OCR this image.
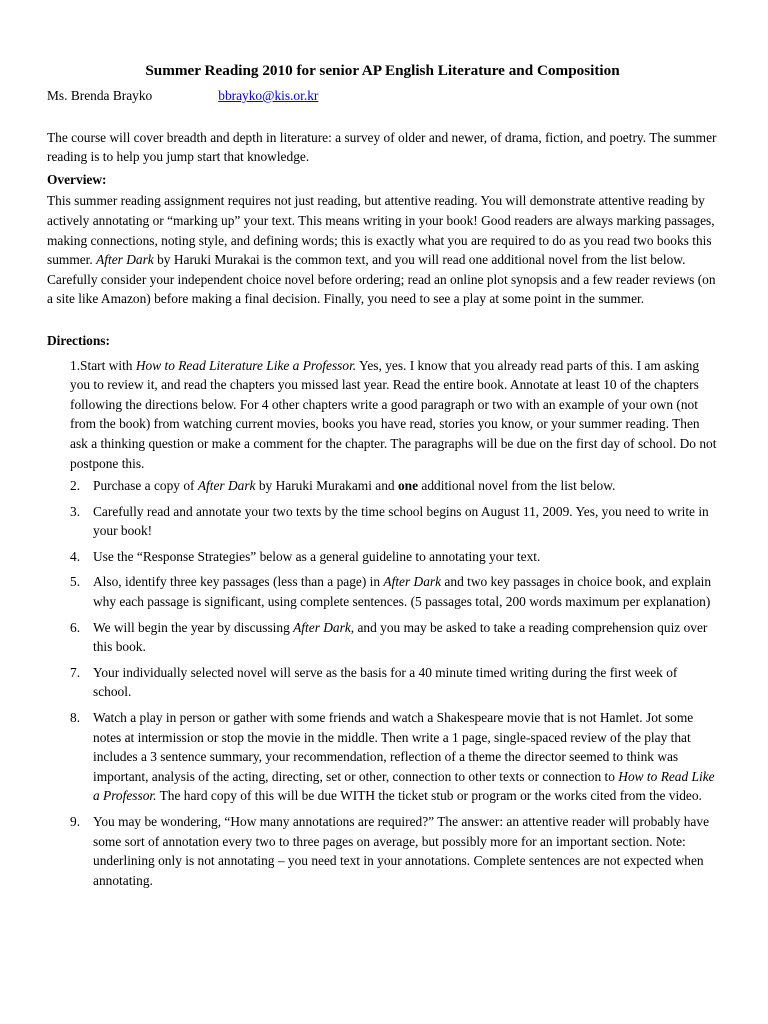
Summer Reading 2010 for senior AP English Literature and Composition

Ms. Brenda Brayko	bbrayko@kis.or.kr

The course will cover breadth and depth in literature: a survey of older and newer, of drama, fiction, and poetry. The summer reading is to help you jump start that knowledge.

Overview:

This summer reading assignment requires not just reading, but attentive reading. You will demonstrate attentive reading by actively annotating or “marking up” your text. This means writing in your book! Good readers are always marking passages, making connections, noting style, and defining words; this is exactly what you are required to do as you read two books this summer. After Dark by Haruki Murakai is the common text, and you will read one additional novel from the list below. Carefully consider your independent choice novel before ordering; read an online plot synopsis and a few reader reviews (on a site like Amazon) before making a final decision. Finally, you need to see a play at some point in the summer.

Directions:

1.Start with How to Read Literature Like a Professor. Yes, yes. I know that you already read parts of this. I am asking you to review it, and read the chapters you missed last year. Read the entire book. Annotate at least 10 of the chapters following the directions below. For 4 other chapters write a good paragraph or two with an example of your own (not from the book) from watching current movies, books you have read, stories you know, or your summer reading. Then ask a thinking question or make a comment for the chapter. The paragraphs will be due on the first day of school. Do not postpone this.

2. Purchase a copy of After Dark by Haruki Murakami and one additional novel from the list below.
3. Carefully read and annotate your two texts by the time school begins on August 11, 2009. Yes, you need to write in your book!
4. Use the “Response Strategies” below as a general guideline to annotating your text.
5. Also, identify three key passages (less than a page) in After Dark and two key passages in choice book, and explain why each passage is significant, using complete sentences. (5 passages total, 200 words maximum per explanation)
6. We will begin the year by discussing After Dark, and you may be asked to take a reading comprehension quiz over this book.
7. Your individually selected novel will serve as the basis for a 40 minute timed writing during the first week of school.
8. Watch a play in person or gather with some friends and watch a Shakespeare movie that is not Hamlet. Jot some notes at intermission or stop the movie in the middle. Then write a 1 page, single-spaced review of the play that includes a 3 sentence summary, your recommendation, reflection of a theme the director seemed to think was important, analysis of the acting, directing, set or other, connection to other texts or connection to How to Read Like a Professor. The hard copy of this will be due WITH the ticket stub or program or the works cited from the video.
9. You may be wondering, “How many annotations are required?” The answer: an attentive reader will probably have some sort of annotation every two to three pages on average, but possibly more for an important section. Note: underlining only is not annotating – you need text in your annotations. Complete sentences are not expected when annotating.
